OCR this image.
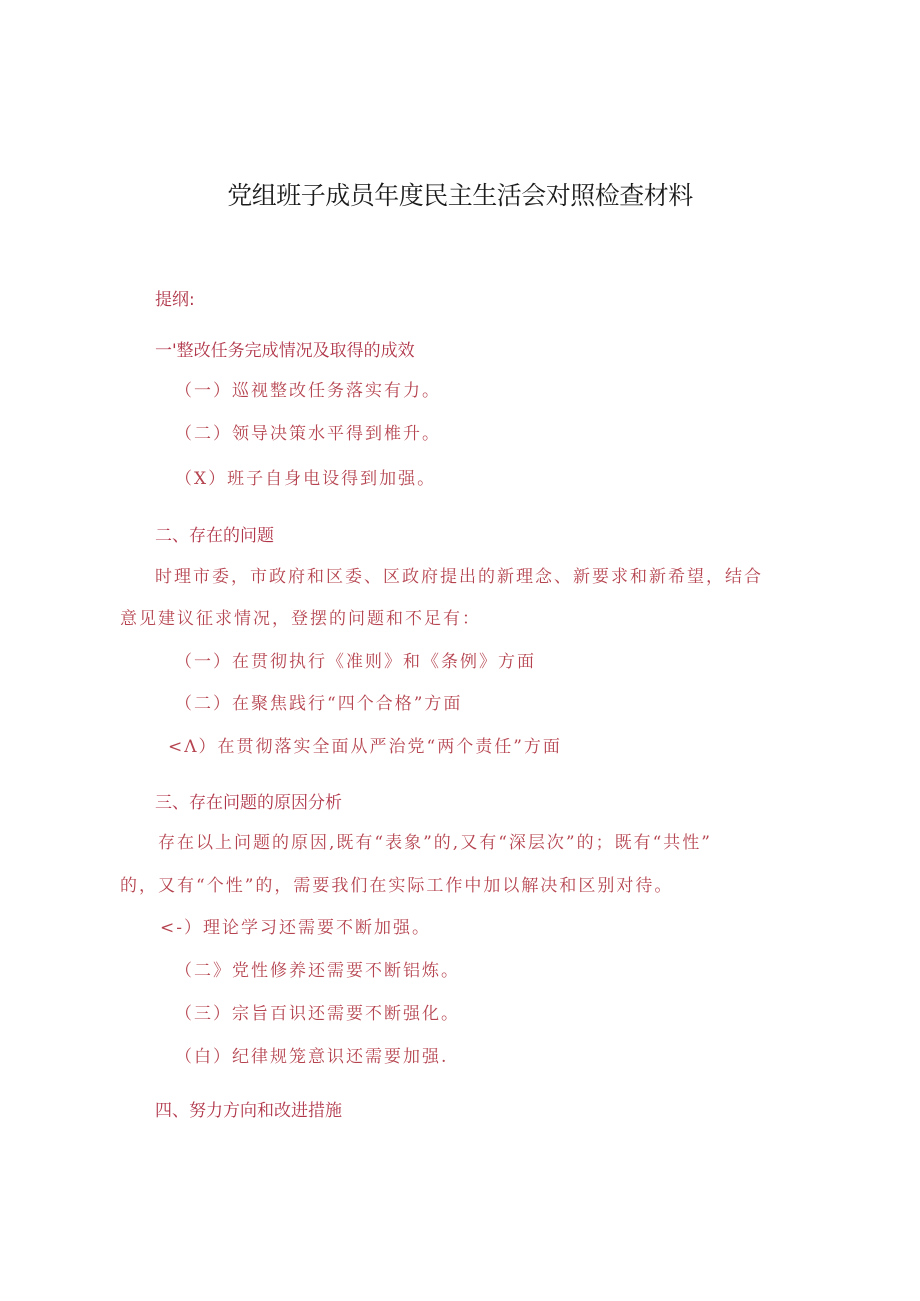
党组班子成员年度民主生活会对照检查材料
提纲:
一'整改任务完成情况及取得的成效
（一）巡视整改任务落实有力。
（二）领导决策水平得到椎升。
（X）班子自身电设得到加强。
二、存在的问题
时理市委，市政府和区委、区政府提出的新理念、新要求和新希望，结合
意见建议征求情况，登摆的问题和不足有：
（一）在贯彻执行《准则》和《条例》方面
（二）在聚焦践行“四个合格”方面
<Λ）在贯彻落实全面从严治党“两个责任”方面
三、存在问题的原因分析
存在以上问题的原因,既有“表象”的,又有“深层次”的；既有“共性”
的，又有“个性”的，需要我们在实际工作中加以解决和区别对待。
<-）理论学习还需要不断加强。
（二》党性修养还需要不断铝炼。
（三）宗旨百识还需要不断强化。
（白）纪律规笼意识还需要加强.
四、努力方向和改进措施
